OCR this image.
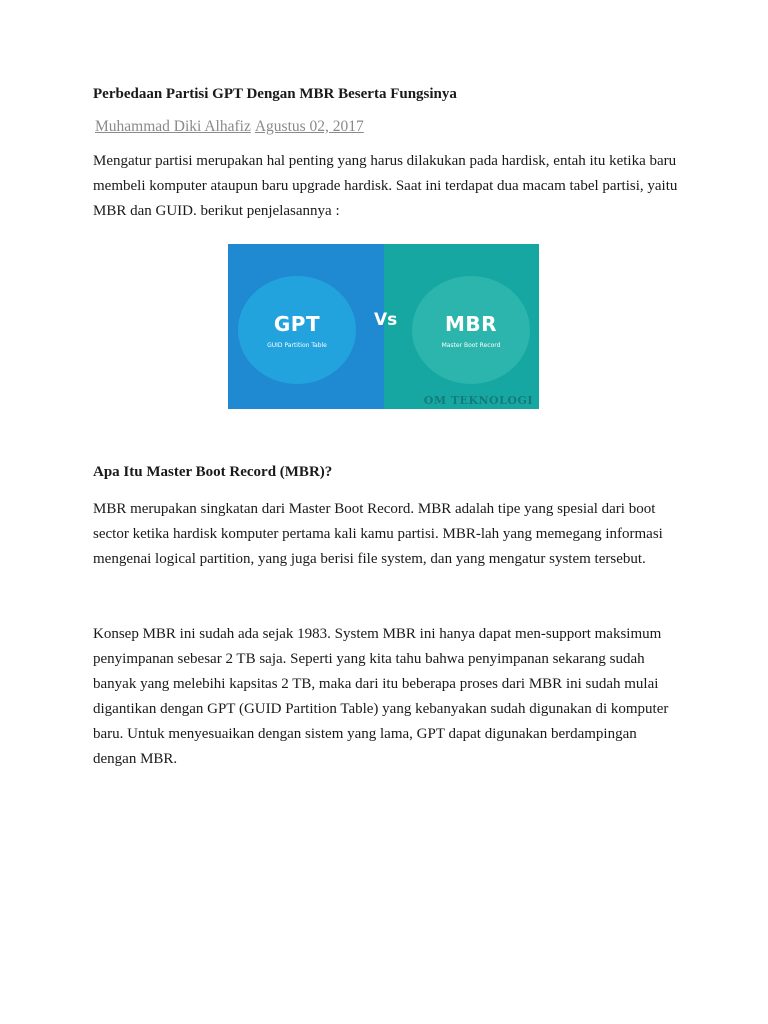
Perbedaan Partisi GPT Dengan MBR Beserta Fungsinya
Muhammad Diki Alhafiz Agustus 02, 2017

Mengatur partisi merupakan hal penting yang harus dilakukan pada hardisk, entah itu ketika baru membeli komputer ataupun baru upgrade hardisk. Saat ini terdapat dua macam tabel partisi, yaitu MBR dan GUID. berikut penjelasannya :

GPT
GUID Partition Table
MBR
Master Boot Record
OM TEKNOLOGI
Vs
Apa Itu Master Boot Record (MBR)?

MBR merupakan singkatan dari Master Boot Record. MBR adalah tipe yang spesial dari boot sector ketika hardisk komputer pertama kali kamu partisi. MBR-lah yang memegang informasi mengenai logical partition, yang juga berisi file system, dan yang mengatur system tersebut.

Konsep MBR ini sudah ada sejak 1983. System MBR ini hanya dapat men-support maksimum penyimpanan sebesar 2 TB saja. Seperti yang kita tahu bahwa penyimpanan sekarang sudah banyak yang melebihi kapsitas 2 TB, maka dari itu beberapa proses dari MBR ini sudah mulai digantikan dengan GPT (GUID Partition Table) yang kebanyakan sudah digunakan di komputer baru. Untuk menyesuaikan dengan sistem yang lama, GPT dapat digunakan berdampingan dengan MBR.
